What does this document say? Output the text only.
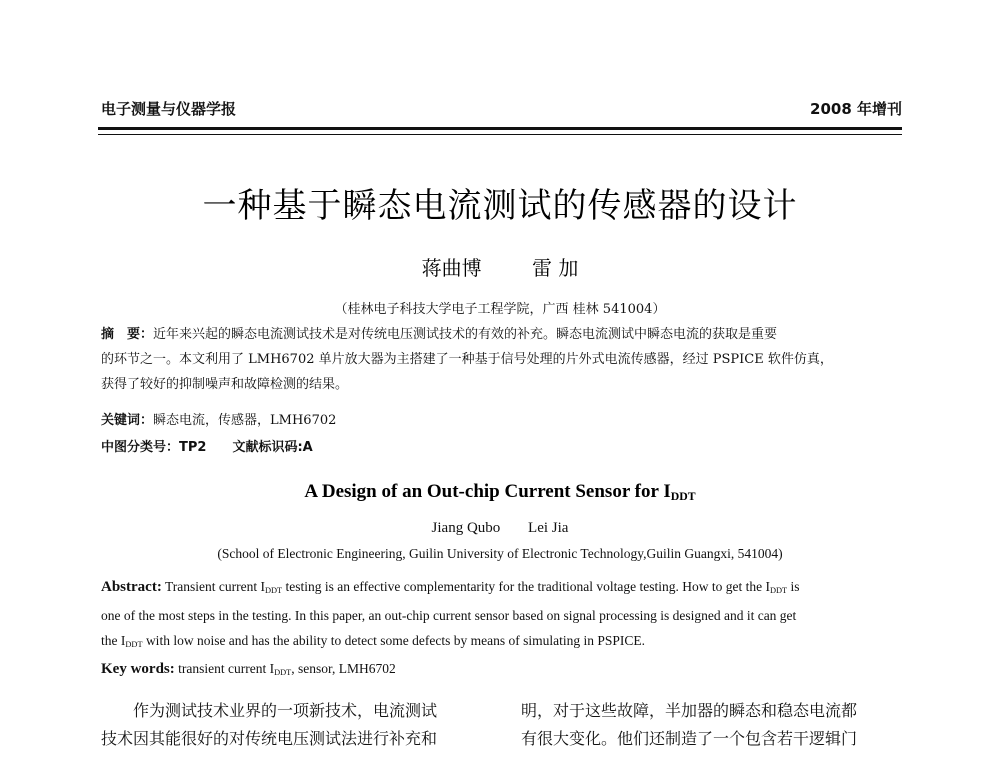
电子测量与仪器学报	2008 年增刊
一种基于瞬态电流测试的传感器的设计
蒋曲博	雷 加
（桂林电子科技大学电子工程学院，广西 桂林 541004）
摘　要：近年来兴起的瞬态电流测试技术是对传统电压测试技术的有效的补充。瞬态电流测试中瞬态电流的获取是重要
的环节之一。本文利用了 LMH6702 单片放大器为主搭建了一种基于信号处理的片外式电流传感器，经过 PSPICE 软件仿真，
获得了较好的抑制噪声和故障检测的结果。
关键词：瞬态电流，传感器，LMH6702
中图分类号：TP2 文献标识码:A
A Design of an Out-chip Current Sensor for $I_{DDT}$
Jiang Qubo Lei Jia
(School of Electronic Engineering, Guilin University of Electronic Technology,Guilin Guangxi, 541004)
Abstract: Transient current $I_{DDT}$ testing is an effective complementarity for the traditional voltage testing. How to get the $I_{DDT}$ is
one of the most steps in the testing. In this paper, an out-chip current sensor based on signal processing is designed and it can get
the $I_{DDT}$ with low noise and has the ability to detect some defects by means of simulating in PSPICE.
Key words: transient current $I_{DDT}$, sensor, LMH6702
作为测试技术业界的一项新技术，电流测试
技术因其能很好的对传统电压测试法进行补充和
明，对于这些故障，半加器的瞬态和稳态电流都
有很大变化。他们还制造了一个包含若干逻辑门
